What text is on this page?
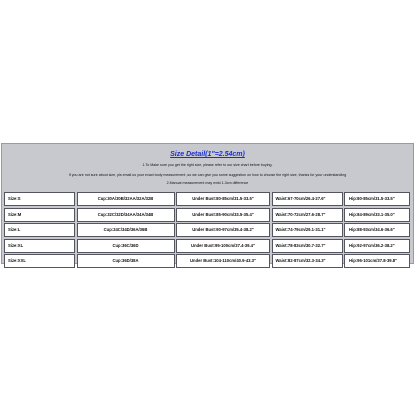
Size Detail(1"=2.54cm)
1.To Make sure you get the right size, please refer to our size chart before buying.
If you are not sure about size, pls email us your exact body measurement ,so we can give you some suggestion on how to choose the right size, thanks for your understanding
2.Manual measurement may exist 1-3cm difference
Size:S	Cup:30A/30B/32AA/32A/32B	Under Bust:80-85cm/31.5-33.5"	Waist:67-70cm/26.4-27.6"	Hip:80-85cm/31.5-33.5"
Size:M	Cup:32C/32D/34AA/34A/34B	Under Bust:85-90cm/33.5-35.4"	Waist:70-72cm/27.6-28.7"	Hip:84-89cm/33.1-35.0"
Size:L	Cup:34C/34D/36A/36B	Under Bust:90-97cm/35.4-38.2"	Waist:74-79cm/29.1-31.1"	Hip:88-93cm/34.6-36.6"
Size:XL	Cup:36C/36D	Under Bust:95-100cm/37.4-39.4"	Waist:78-83cm/30.7-32.7"	Hip:92-97cm/36.2-38.2"
Size:XXL	Cup:36D/38A	Under Bust:104-110cm/40.9-43.3"	Waist:82-87cm/32.3-34.3"	Hip:96-101cm/37.8-39.8"
